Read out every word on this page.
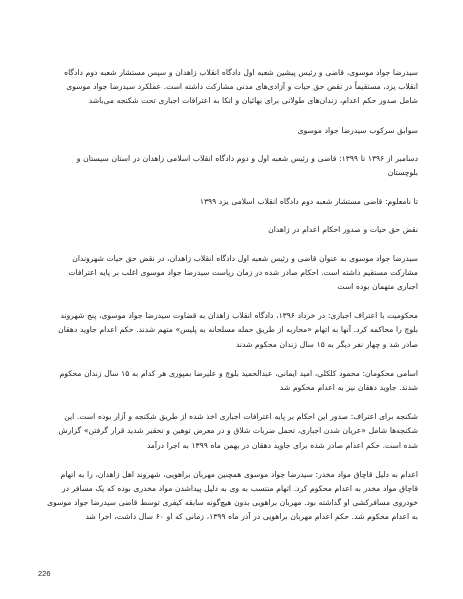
سیدرضا جواد موسوی، قاضی و رئیس پیشین شعبه اول دادگاه انقلاب زاهدان و سپس مستشار شعبه دوم دادگاه انقلاب یزد، مستقیماً در نقض حق حیات و آزادی‌های مدنی مشارکت داشته است. عملکرد سیدرضا جواد موسوی شامل صدور حکم اعدام، زندان‌های طولانی برای بهائیان و اتکا به اعترافات اجباری تحت شکنجه می‌باشد

سوابق سرکوب سیدرضا جواد موسوی

دسامبر از ۱۳۹۶ تا ۱۳۹۹: قاضی و رئیس شعبه اول و دوم دادگاه انقلاب اسلامی زاهدان در استان سیستان و بلوچستان

تا نامعلوم: قاضی مستشار شعبه دوم دادگاه انقلاب اسلامی یزد ۱۳۹۹

نقض حق حیات و صدور احکام اعدام در زاهدان

سیدرضا جواد موسوی به عنوان قاضی و رئیس شعبه اول دادگاه انقلاب زاهدان، در نقض حق حیات شهروندان مشارکت مستقیم داشته است. احکام صادر شده در زمان ریاست سیدرضا جواد موسوی اغلب بر پایه اعترافات اجباری متهمان بوده است

محکومیت با اعتراف اجباری: در خرداد ۱۳۹۶، دادگاه انقلاب زاهدان به قضاوت سیدرضا جواد موسوی، پنج شهروند بلوچ را محاکمه کرد. آنها به اتهام «محاربه از طریق حمله مسلحانه به پلیس» متهم شدند. حکم اعدام جاوید دهقان صادر شد و چهار نفر دیگر به ۱۵ سال زندان محکوم شدند

اسامی محکومان: محمود کلکلی، امید ایمانی، عبدالحمید بلوچ و علیرضا بمپوری هر کدام به ۱۵ سال زندان محکوم شدند. جاوید دهقان نیز به اعدام محکوم شد

شکنجه برای اعتراف: صدور این احکام بر پایه اعترافات اجباری اخذ شده از طریق شکنجه و آزار بوده است. این شکنجه‌ها شامل «عریان شدن اجباری، تحمل ضربات شلاق و در معرض توهین و تحقیر شدید قرار گرفتن» گزارش شده است. حکم اعدام صادر شده برای جاوید دهقان در بهمن ماه ۱۳۹۹ به اجرا درآمد

اعدام به دلیل قاچاق مواد مخدر: سیدرضا جواد موسوی همچنین مهربان براهویی، شهروند اهل زاهدان، را به اتهام قاچاق مواد مخدر به اعدام محکوم کرد. اتهام منتسب به وی به دلیل پیداشدن مواد مخدری بوده که یک مسافر در خودروی مسافرکشی او گذاشته بود. مهربان براهویی بدون هیچ‌گونه سابقه کیفری توسط قاضی سیدرضا جواد موسوی به اعدام محکوم شد. حکم اعدام مهربان براهویی در آذر ماه ۱۳۹۹، زمانی که او ۶۰ سال داشت، اجرا شد

226
